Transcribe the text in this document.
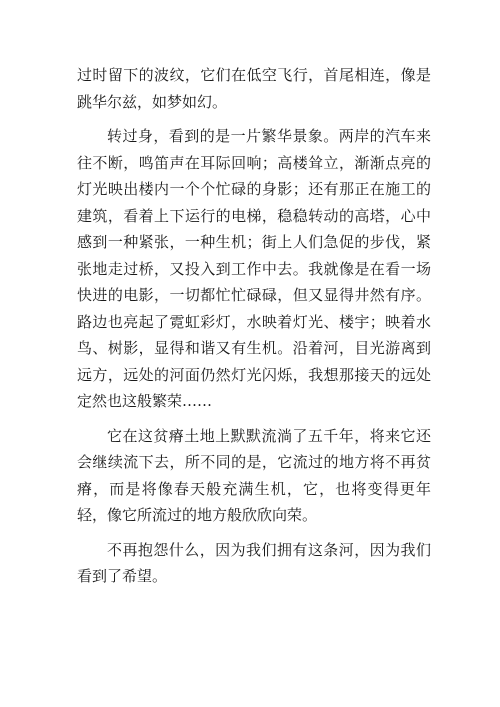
过时留下的波纹，它们在低空飞行，首尾相连，像是跳华尔兹，如梦如幻。

转过身，看到的是一片繁华景象。两岸的汽车来往不断，鸣笛声在耳际回响；高楼耸立，渐渐点亮的灯光映出楼内一个个忙碌的身影；还有那正在施工的建筑，看着上下运行的电梯，稳稳转动的高塔，心中感到一种紧张，一种生机；街上人们急促的步伐，紧张地走过桥，又投入到工作中去。我就像是在看一场快进的电影，一切都忙忙碌碌，但又显得井然有序。路边也亮起了霓虹彩灯，水映着灯光、楼宇；映着水鸟、树影，显得和谐又有生机。沿着河，目光游离到远方，远处的河面仍然灯光闪烁，我想那接天的远处定然也这般繁荣……

它在这贫瘠土地上默默流淌了五千年，将来它还会继续流下去，所不同的是，它流过的地方将不再贫瘠，而是将像春天般充满生机，它，也将变得更年轻，像它所流过的地方般欣欣向荣。

不再抱怨什么，因为我们拥有这条河，因为我们看到了希望。
